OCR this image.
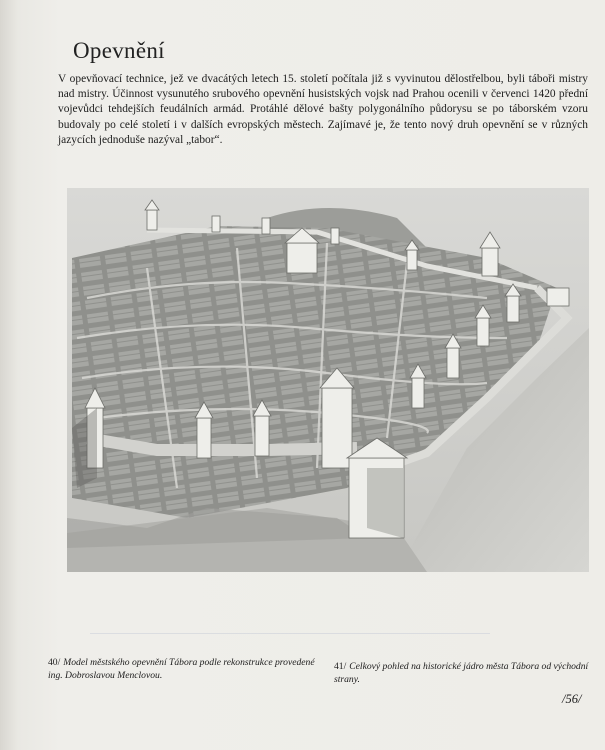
Opevnění
V opevňovací technice, jež ve dvacátých letech 15. století počítala již s vyvinutou dělostřelbou, byli táboři mistry nad mistry. Účinnost vysunutého srubového opevnění husistských vojsk nad Prahou ocenili v červenci 1420 přední vojevůdci tehdejších feudálních armád. Protáhlé dělové bašty polygonálního půdorysu se po táborském vzoru budovaly po celé století i v dalších evropských městech. Zajímavé je, že tento nový druh opevnění se v různých jazycích jednoduše nazýval „tabor“.
40/ Model městského opevnění Tábora podle rekonstrukce provedené ing. Dobroslavou Menclovou.
41/ Celkový pohled na historické jádro města Tábora od východní strany.
/56/
